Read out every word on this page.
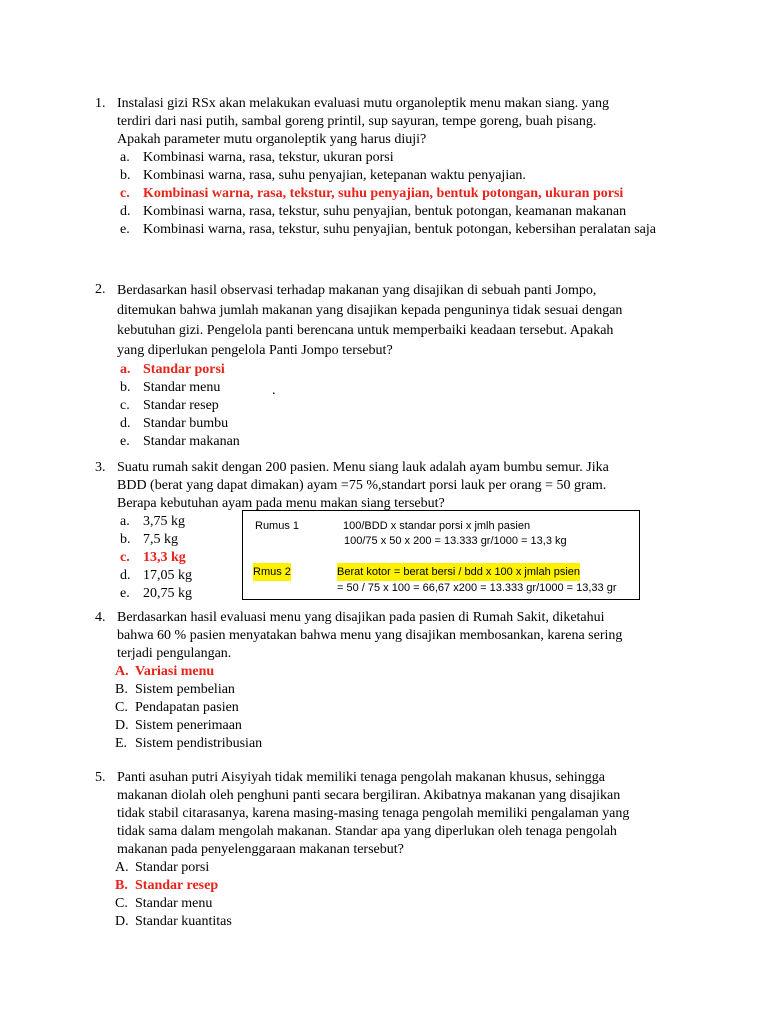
1. Instalasi gizi RSx akan melakukan evaluasi mutu organoleptik menu makan siang. yang
terdiri dari nasi putih, sambal goreng printil, sup sayuran, tempe goreng, buah pisang.
Apakah parameter mutu organoleptik yang harus diuji?
a. Kombinasi warna, rasa, tekstur, ukuran porsi
b. Kombinasi warna, rasa, suhu penyajian, ketepanan waktu penyajian.
c. Kombinasi warna, rasa, tekstur, suhu penyajian, bentuk potongan, ukuran porsi
d. Kombinasi warna, rasa, tekstur, suhu penyajian, bentuk potongan, keamanan makanan
e. Kombinasi warna, rasa, tekstur, suhu penyajian, bentuk potongan, kebersihan peralatan saja
2. Berdasarkan hasil observasi terhadap makanan yang disajikan di sebuah panti Jompo,
ditemukan bahwa jumlah makanan yang disajikan kepada penguninya tidak sesuai dengan
kebutuhan gizi. Pengelola panti berencana untuk memperbaiki keadaan tersebut. Apakah
yang diperlukan pengelola Panti Jompo tersebut?
a. Standar porsi
b. Standar menu
c. Standar resep
d. Standar bumbu
e. Standar makanan
.
3. Suatu rumah sakit dengan 200 pasien. Menu siang lauk adalah ayam bumbu semur. Jika
BDD (berat yang dapat dimakan) ayam =75 %,standart porsi lauk per orang = 50 gram.
Berapa kebutuhan ayam pada menu makan siang tersebut?
a. 3,75 kg
b. 7,5 kg
c. 13,3 kg
d. 17,05 kg
e. 20,75 kg
Rumus 1	100/BDD x standar porsi x jmlh pasien
100/75 x 50 x 200 = 13.333 gr/1000 = 13,3 kg
Rmus 2	Berat kotor = berat bersi / bdd x 100 x jmlah psien
= 50 / 75 x 100 = 66,67 x200 = 13.333 gr/1000 = 13,33 gr
4. Berdasarkan hasil evaluasi menu yang disajikan pada pasien di Rumah Sakit, diketahui
bahwa 60 % pasien menyatakan bahwa menu yang disajikan membosankan, karena sering
terjadi pengulangan.
A. Variasi menu
B. Sistem pembelian
C. Pendapatan pasien
D. Sistem penerimaan
E. Sistem pendistribusian
5. Panti asuhan putri Aisyiyah tidak memiliki tenaga pengolah makanan khusus, sehingga
makanan diolah oleh penghuni panti secara bergiliran. Akibatnya makanan yang disajikan
tidak stabil citarasanya, karena masing-masing tenaga pengolah memiliki pengalaman yang
tidak sama dalam mengolah makanan. Standar apa yang diperlukan oleh tenaga pengolah
makanan pada penyelenggaraan makanan tersebut?
A. Standar porsi
B. Standar resep
C. Standar menu
D. Standar kuantitas
